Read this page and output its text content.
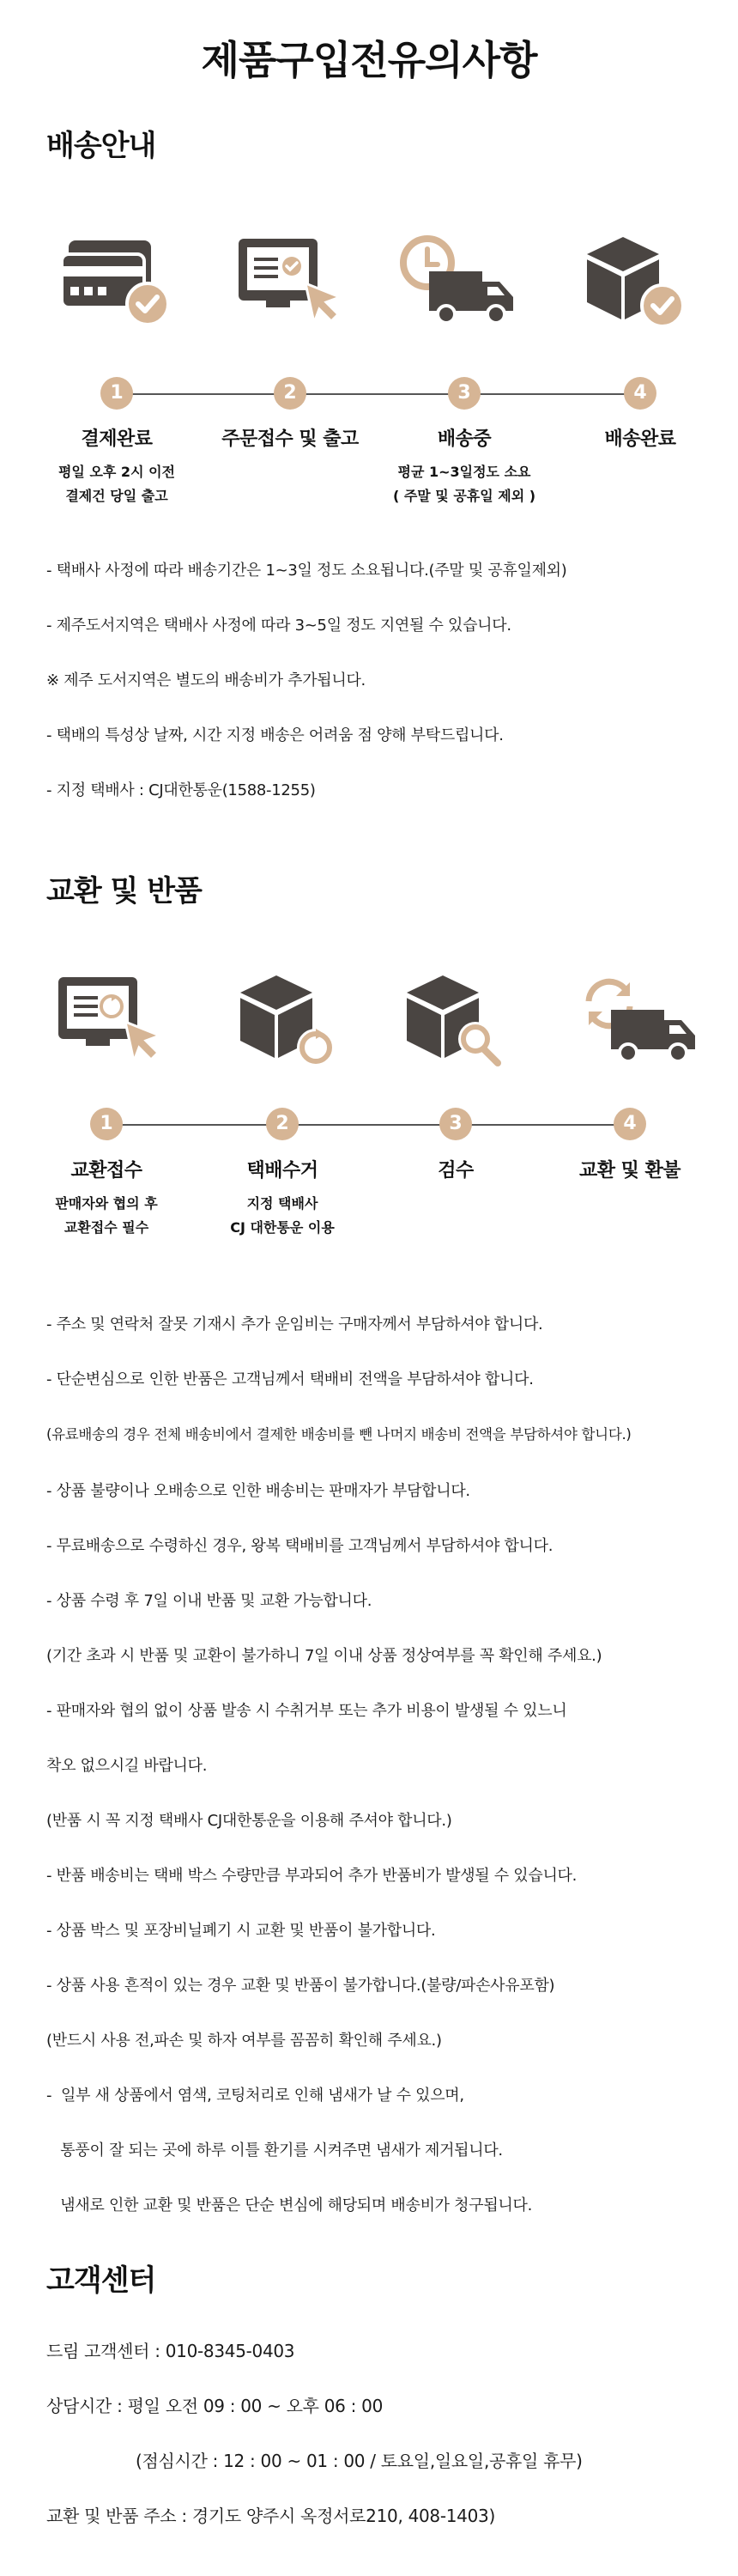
제품구입전유의사항
배송안내
1	2	3	4
결제완료	주문접수 및 출고	배송중	배송완료
평일 오후 2시 이전
결제건 당일 출고
평균 1~3일정도 소요
( 주말 및 공휴일 제외 )
- 택배사 사정에 따라 배송기간은 1~3일 정도 소요됩니다.(주말 및 공휴일제외)
- 제주도서지역은 택배사 사정에 따라 3~5일 정도 지연될 수 있습니다.
※ 제주 도서지역은 별도의 배송비가 추가됩니다.
- 택배의 특성상 날짜, 시간 지정 배송은 어려움 점 양해 부탁드립니다.
- 지정 택배사 : CJ대한통운(1588-1255)
교환 및 반품
1	2	3	4
교환접수	택배수거	검수	교환 및 환불
판매자와 협의 후
교환접수 필수
지정 택배사
CJ 대한통운 이용
- 주소 및 연락처 잘못 기재시 추가 운임비는 구매자께서 부담하셔야 합니다.
- 단순변심으로 인한 반품은 고객님께서 택배비 전액을 부담하셔야 합니다.
(유료배송의 경우 전체 배송비에서 결제한 배송비를 뺀 나머지 배송비 전액을 부담하셔야 합니다.)
- 상품 불량이나 오배송으로 인한 배송비는 판매자가 부담합니다.
- 무료배송으로 수령하신 경우, 왕복 택배비를 고객님께서 부담하셔야 합니다.
- 상품 수령 후 7일 이내 반품 및 교환 가능합니다.
(기간 초과 시 반품 및 교환이 불가하니 7일 이내 상품 정상여부를 꼭 확인해 주세요.)
- 판매자와 협의 없이 상품 발송 시 수취거부 또는 추가 비용이 발생될 수 있느니
착오 없으시길 바랍니다.
(반품 시 꼭 지정 택배사 CJ대한통운을 이용해 주셔야 합니다.)
- 반품 배송비는 택배 박스 수량만큼 부과되어 추가 반품비가 발생될 수 있습니다.
- 상품 박스 및 포장비닐폐기 시 교환 및 반품이 불가합니다.
- 상품 사용 흔적이 있는 경우 교환 및 반품이 불가합니다.(불량/파손사유포함)
(반드시 사용 전,파손 및 하자 여부를 꼼꼼히 확인해 주세요.)
-  일부 새 상품에서 염색, 코팅처리로 인해 냄새가 날 수 있으며,
통풍이 잘 되는 곳에 하루 이틀 환기를 시켜주면 냄새가 제거됩니다.
냄새로 인한 교환 및 반품은 단순 변심에 해당되며 배송비가 청구됩니다.
고객센터
드림 고객센터 : 010-8345-0403
상담시간 : 평일 오전 09 : 00 ~ 오후 06 : 00
(점심시간 : 12 : 00 ~ 01 : 00 / 토요일,일요일,공휴일 휴무)
교환 및 반품 주소 : 경기도 양주시 옥정서로210, 408-1403)
